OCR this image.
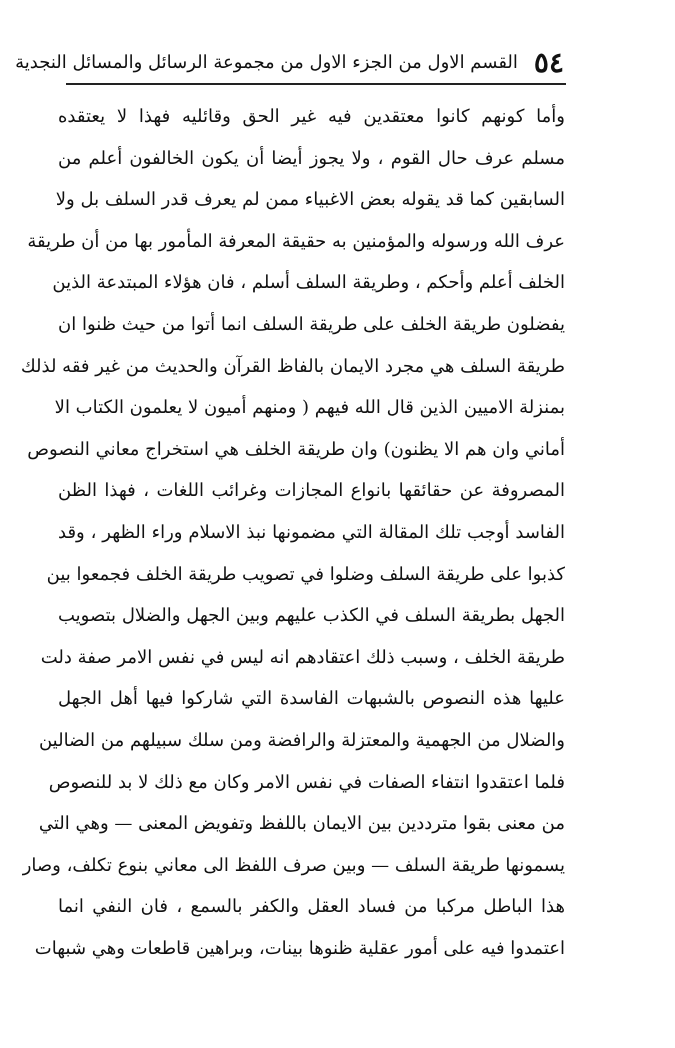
٥٤
القسم الاول من الجزء الاول من مجموعة الرسائل والمسائل النجدية
وأما كونهم كانوا معتقدين فيه غير الحق وقائليه فهذا لا يعتقده
مسلم عرف حال القوم ، ولا يجوز أيضا أن يكون الخالفون أعلم من
السابقين كما قد يقوله بعض الاغبياء ممن لم يعرف قدر السلف بل ولا
عرف الله ورسوله والمؤمنين به حقيقة المعرفة المأمور بها من أن طريقة
الخلف أعلم وأحكم ، وطريقة السلف أسلم ، فان هؤلاء المبتدعة الذين
يفضلون طريقة الخلف على طريقة السلف انما أتوا من حيث ظنوا ان
طريقة السلف هي مجرد الايمان بالفاظ القرآن والحديث من غير فقه لذلك
بمنزلة الاميين الذين قال الله فيهم ( ومنهم أميون لا يعلمون الكتاب الا
أماني وان هم الا يظنون) وان طريقة الخلف هي استخراج معاني النصوص
المصروفة عن حقائقها بانواع المجازات وغرائب اللغات ، فهذا الظن
الفاسد أوجب تلك المقالة التي مضمونها نبذ الاسلام وراء الظهر ، وقد
كذبوا على طريقة السلف وضلوا في تصويب طريقة الخلف فجمعوا بين
الجهل بطريقة السلف في الكذب عليهم وبين الجهل والضلال بتصويب
طريقة الخلف ، وسبب ذلك اعتقادهم انه ليس في نفس الامر صفة دلت
عليها هذه النصوص بالشبهات الفاسدة التي شاركوا فيها أهل الجهل
والضلال من الجهمية والمعتزلة والرافضة ومن سلك سبيلهم من الضالين
فلما اعتقدوا انتفاء الصفات في نفس الامر وكان مع ذلك لا بد للنصوص
من معنى بقوا مترددين بين الايمان باللفظ وتفويض المعنى — وهي التي
يسمونها طريقة السلف — وبين صرف اللفظ الى معاني بنوع تكلف، وصار
هذا الباطل مركبا من فساد العقل والكفر بالسمع ، فان النفي انما
اعتمدوا فيه على أمور عقلية ظنوها بينات، وبراهين قاطعات وهي شبهات
